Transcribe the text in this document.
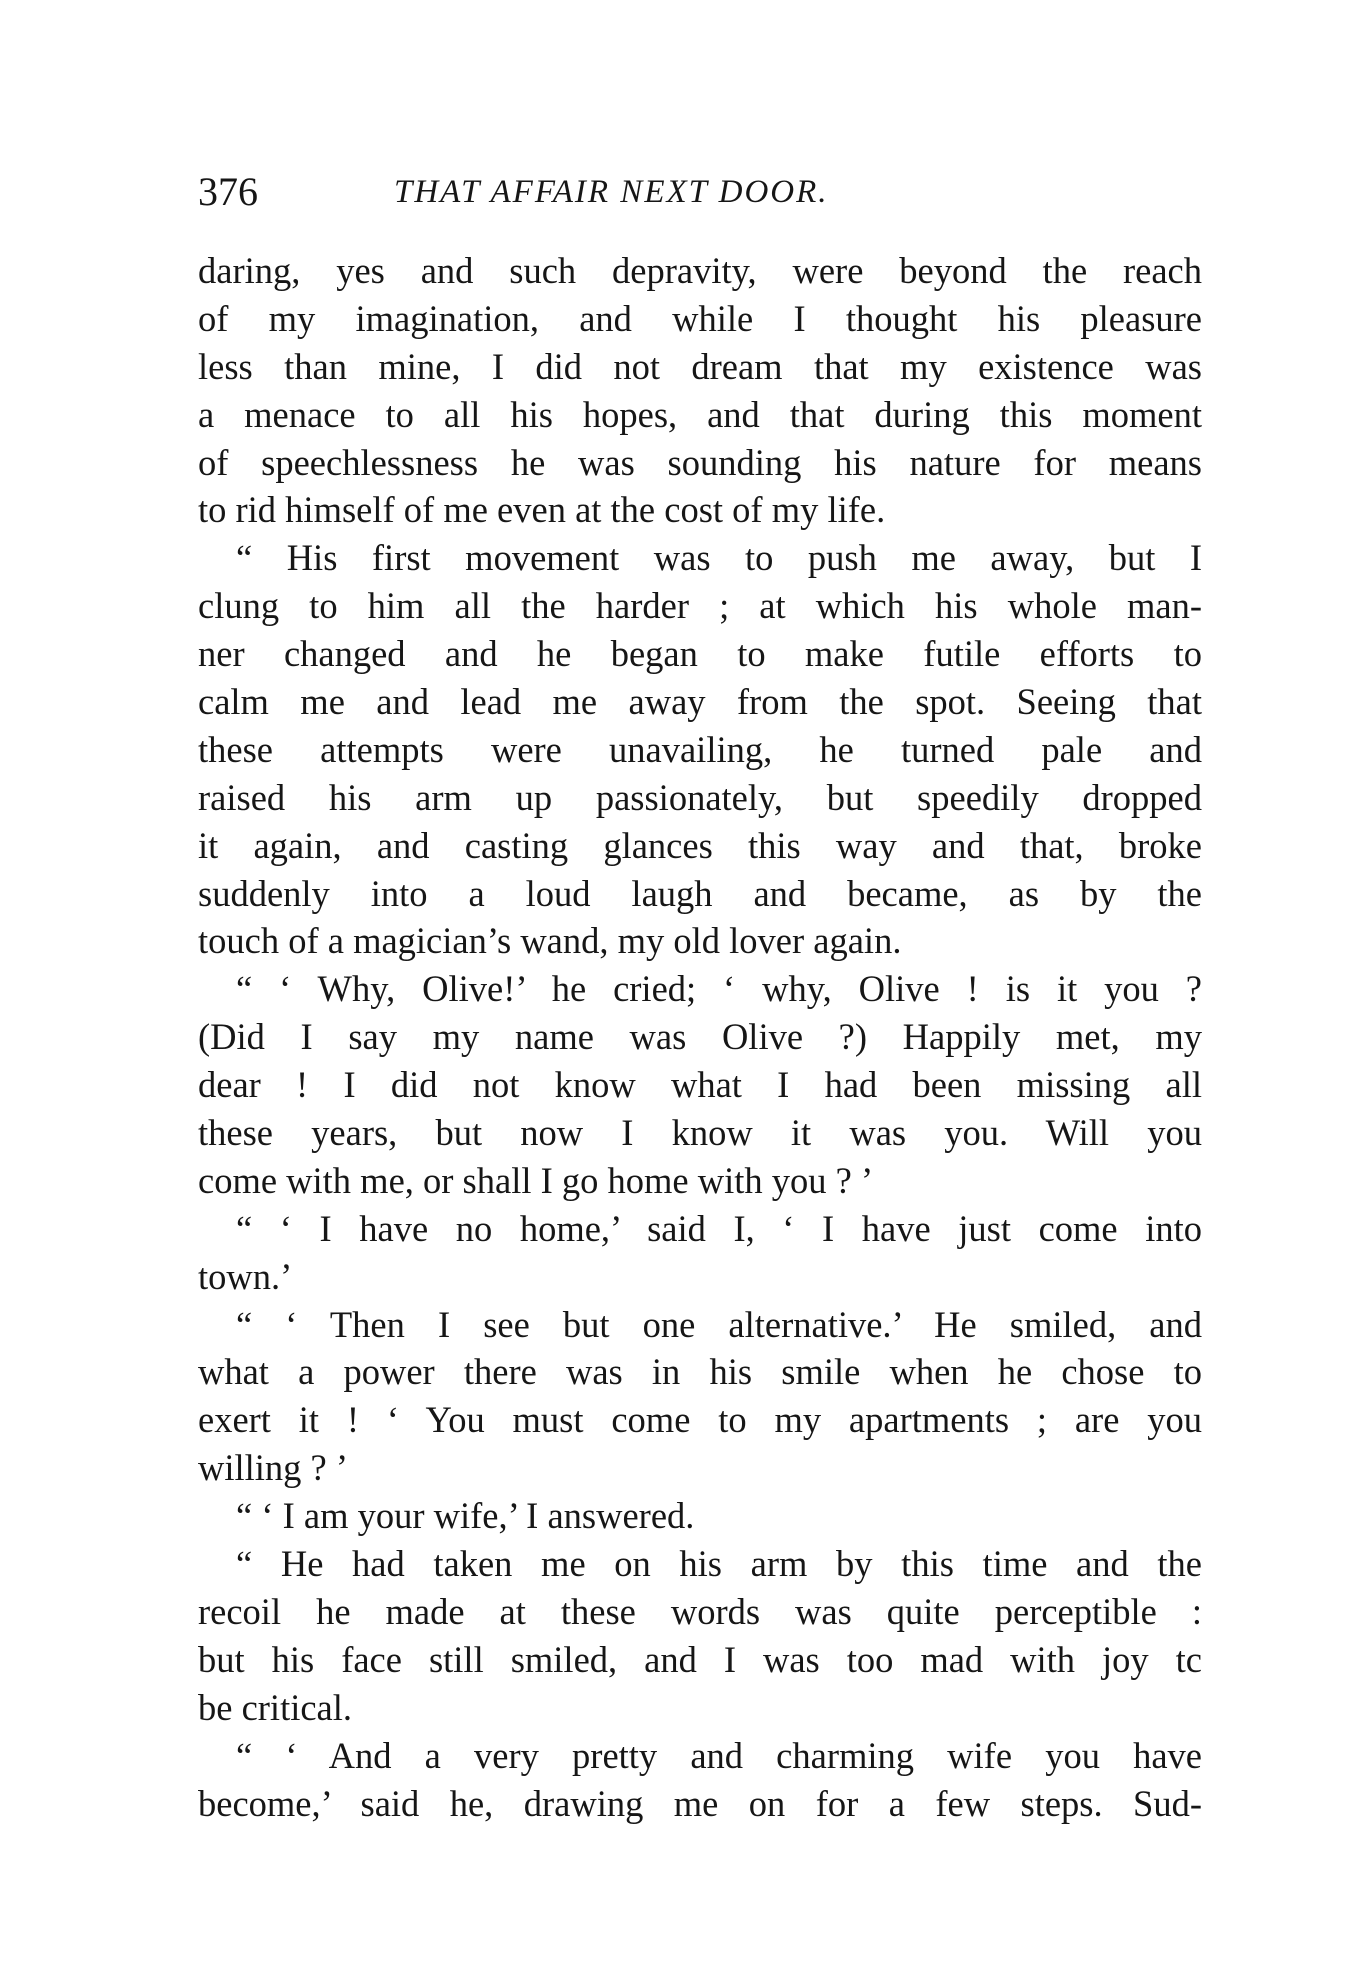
376	THAT AFFAIR NEXT DOOR.
daring, yes and such depravity, were beyond the reach
of my imagination, and while I thought his pleasure
less than mine, I did not dream that my existence was
a menace to all his hopes, and that during this moment
of speechlessness he was sounding his nature for means
to rid himself of me even at the cost of my life.
“ His first movement was to push me away, but I
clung to him all the harder ; at which his whole man-
ner changed and he began to make futile efforts to
calm me and lead me away from the spot. Seeing that
these attempts were unavailing, he turned pale and
raised his arm up passionately, but speedily dropped
it again, and casting glances this way and that, broke
suddenly into a loud laugh and became, as by the
touch of a magician’s wand, my old lover again.
“ ‘ Why, Olive!’ he cried; ‘ why, Olive ! is it you ?
(Did I say my name was Olive ?) Happily met, my
dear ! I did not know what I had been missing all
these years, but now I know it was you. Will you
come with me, or shall I go home with you ? ’
“ ‘ I have no home,’ said I, ‘ I have just come into
town.’
“ ‘ Then I see but one alternative.’ He smiled, and
what a power there was in his smile when he chose to
exert it ! ‘ You must come to my apartments ; are you
willing ? ’
“ ‘ I am your wife,’ I answered.
“ He had taken me on his arm by this time and the
recoil he made at these words was quite perceptible :
but his face still smiled, and I was too mad with joy tc
be critical.
“ ‘ And a very pretty and charming wife you have
become,’ said he, drawing me on for a few steps. Sud-
